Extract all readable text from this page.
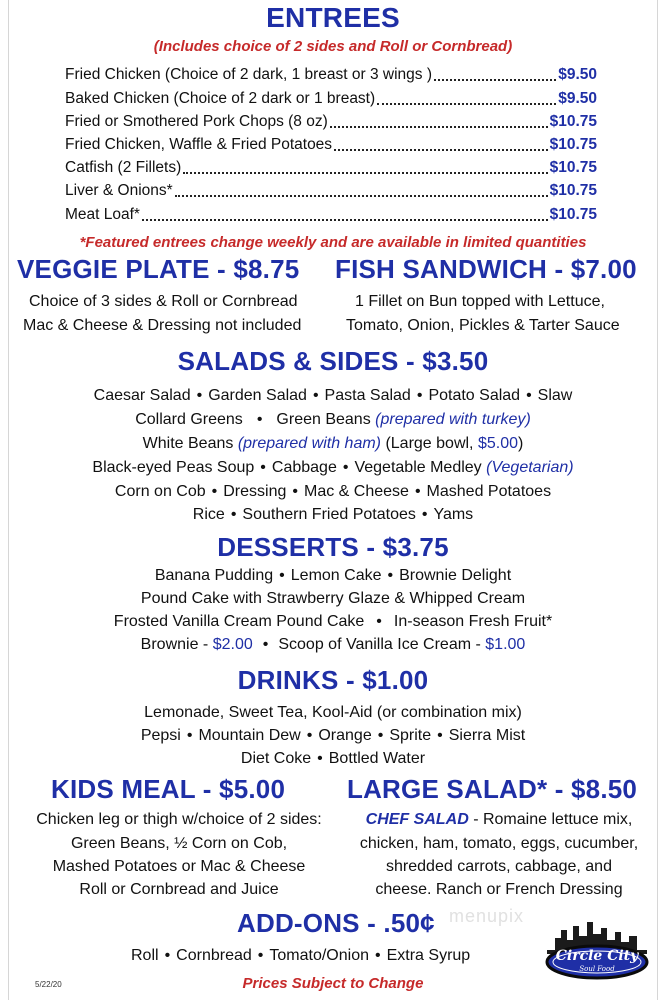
ENTREES
(Includes choice of 2 sides and Roll or Cornbread)
Fried Chicken (Choice of 2 dark, 1 breast or 3 wings )	$9.50
Baked Chicken (Choice of 2 dark or 1 breast)	$9.50
Fried or Smothered Pork Chops (8 oz)	$10.75
Fried Chicken, Waffle & Fried Potatoes	$10.75
Catfish (2 Fillets)	$10.75
Liver & Onions*	$10.75
Meat Loaf*	$10.75
*Featured entrees change weekly and are available in limited quantities
VEGGIE PLATE - $8.75
Choice of 3 sides & Roll or Cornbread
Mac & Cheese & Dressing not included
FISH SANDWICH - $7.00
1 Fillet on Bun topped with Lettuce,
Tomato, Onion, Pickles & Tarter Sauce
SALADS & SIDES - $3.50
Caesar Salad • Garden Salad • Pasta Salad • Potato Salad • Slaw
Collard Greens • Green Beans (prepared with turkey)
White Beans (prepared with ham) (Large bowl, $5.00)
Black-eyed Peas Soup • Cabbage • Vegetable Medley (Vegetarian)
Corn on Cob • Dressing • Mac & Cheese • Mashed Potatoes
Rice • Southern Fried Potatoes • Yams
DESSERTS - $3.75
Banana Pudding • Lemon Cake • Brownie Delight
Pound Cake with Strawberry Glaze & Whipped Cream
Frosted Vanilla Cream Pound Cake • In-season Fresh Fruit*
Brownie - $2.00 • Scoop of Vanilla Ice Cream - $1.00
DRINKS - $1.00
Lemonade, Sweet Tea, Kool-Aid (or combination mix)
Pepsi • Mountain Dew • Orange • Sprite • Sierra Mist
Diet Coke • Bottled Water
KIDS MEAL - $5.00
Chicken leg or thigh w/choice of 2 sides:
Green Beans, ½ Corn on Cob,
Mashed Potatoes or Mac & Cheese
Roll or Cornbread and Juice
LARGE SALAD* - $8.50
CHEF SALAD - Romaine lettuce mix,
chicken, ham, tomato, eggs, cucumber,
shredded carrots, cabbage, and
cheese. Ranch or French Dressing
menupix
ADD-ONS - .50¢
Roll • Cornbread • Tomato/Onion • Extra Syrup
Prices Subject to Change
5/22/20
Circle City
Soul Food
